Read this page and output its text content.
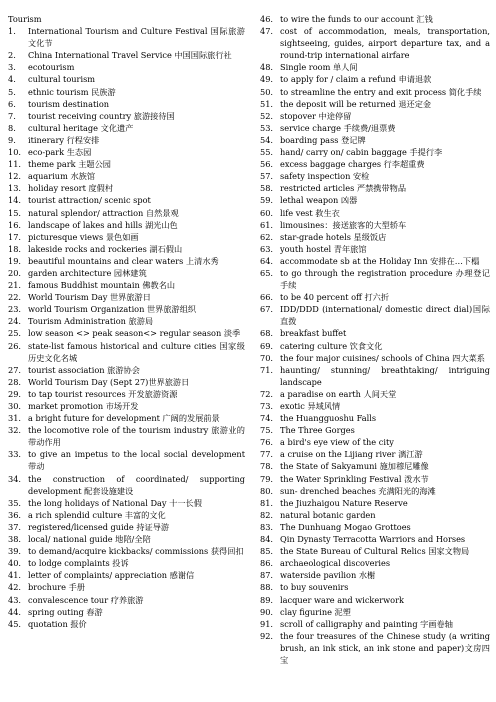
Tourism
1.	International Tourism and Culture Festival 国际旅游文化节
2.	China International Travel Service 中国国际旅行社
3.	ecotourism
4.	cultural tourism
5.	ethnic tourism 民族游
6.	tourism destination
7.	tourist receiving country 旅游接待国
8.	cultural heritage 文化遗产
9.	itinerary 行程安排
10. eco-park 生态园
11. theme park 主题公园
12. aquarium 水族馆
13. holiday resort 度假村
14. tourist attraction/ scenic spot
15. natural splendor/ attraction 自然景观
16. landscape of lakes and hills 湖光山色
17. picturesque views 景色如画
18. lakeside rocks and rockeries 湖石假山
19. beautiful mountains and clear waters 上清水秀
20. garden architecture 园林建筑
21. famous Buddhist mountain 佛教名山
22. World Tourism Day 世界旅游日
23. world Tourism Organization 世界旅游组织
24. Tourism Administration 旅游局
25. low season <> peak season<> regular season 淡季
26. state-list famous historical and culture cities 国家级历史文化名城
27. tourist association 旅游协会
28. World Tourism Day (Sept 27)世界旅游日
29. to tap tourist resources 开发旅游资源
30. market promotion 市场开发
31. a bright future for development 广阔的发展前景
32. the locomotive role of the tourism industry 旅游业的带动作用
33. to give an impetus to the local social development 带动
34. the construction of coordinated/ supporting development 配套设施建设
35. the long holidays of National Day 十一长假
36. a rich splendid culture 丰富的文化
37. registered/licensed guide 持证导游
38. local/ national guide 地陪/全陪
39. to demand/acquire kickbacks/ commissions 获得回扣
40. to lodge complaints 投诉
41. letter of complaints/ appreciation 感谢信
42. brochure 手册
43. convalescence tour 疗养旅游
44. spring outing 春游
45. quotation 报价
46. to wire the funds to our account 汇钱
47. cost of accommodation, meals, transportation, sightseeing, guides, airport departure tax, and a round-trip international airfare
48. Single room 单人间
49. to apply for / claim a refund 申请退款
50. to streamline the entry and exit process 简化手续
51. the deposit will be returned 退还定金
52. stopover 中途停留
53. service charge 手续费/退票费
54. boarding pass 登记牌
55. hand/ carry on/ cabin baggage 手提行李
56. excess baggage charges 行李超重费
57. safety inspection 安检
58. restricted articles 严禁携带物品
59. lethal weapon 凶器
60. life vest 救生衣
61. limousines：接送旅客的大型轿车
62. star-grade hotels 星级饭店
63. youth hostel 青年旅馆
64. accommodate sb at the Holiday Inn 安排在…下榻
65. to go through the registration procedure 办理登记手续
66. to be 40 percent off 打六折
67. IDD/DDD (international/ domestic direct dial)国际直拨
68. breakfast buffet
69. catering culture 饮食文化
70. the four major cuisines/ schools of China 四大菜系
71. haunting/ stunning/ breathtaking/ intriguing landscape
72. a paradise on earth 人间天堂
73. exotic 异域风情
74. the Huangguoshu Falls
75. The Three Gorges
76. a bird's eye view of the city
77. a cruise on the Lijiang river 漓江游
78. the State of Sakyamuni 施加穆尼雕像
79. the Water Sprinkling Festival 泼水节
80. sun- drenched beaches 充满阳光的海滩
81. the Jiuzhaigou Nature Reserve
82. natural botanic garden
83. The Dunhuang Mogao Grottoes
84. Qin Dynasty Terracotta Warriors and Horses
85. the State Bureau of Cultural Relics 国家文物局
86. archaeological discoveries
87. waterside pavilion 水榭
88. to buy souvenirs
89. lacquer ware and wickerwork
90. clay figurine 泥塑
91. scroll of calligraphy and painting 字画卷轴
92. the four treasures of the Chinese study (a writing brush, an ink stick, an ink stone and paper)文房四宝
